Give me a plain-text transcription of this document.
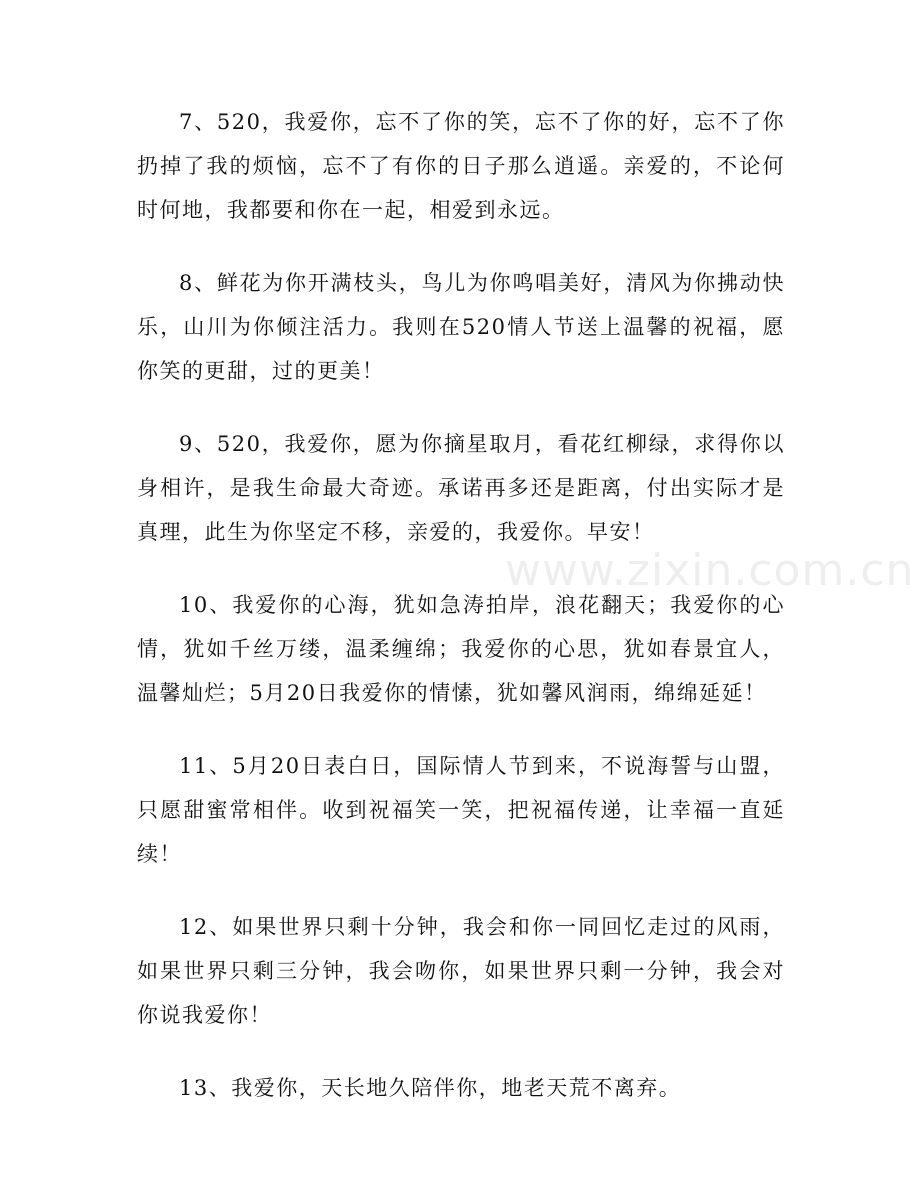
7、520，我爱你，忘不了你的笑，忘不了你的好，忘不了你扔掉了我的烦恼，忘不了有你的日子那么逍遥。亲爱的，不论何时何地，我都要和你在一起，相爱到永远。

8、鲜花为你开满枝头，鸟儿为你鸣唱美好，清风为你拂动快乐，山川为你倾注活力。我则在520情人节送上温馨的祝福，愿你笑的更甜，过的更美！

9、520，我爱你，愿为你摘星取月，看花红柳绿，求得你以身相许，是我生命最大奇迹。承诺再多还是距离，付出实际才是真理，此生为你坚定不移，亲爱的，我爱你。早安！

10、我爱你的心海，犹如急涛拍岸，浪花翻天；我爱你的心情，犹如千丝万缕，温柔缠绵；我爱你的心思，犹如春景宜人，温馨灿烂；5月20日我爱你的情愫，犹如馨风润雨，绵绵延延！

11、5月20日表白日，国际情人节到来，不说海誓与山盟，只愿甜蜜常相伴。收到祝福笑一笑，把祝福传递，让幸福一直延续！

12、如果世界只剩十分钟，我会和你一同回忆走过的风雨，如果世界只剩三分钟，我会吻你，如果世界只剩一分钟，我会对你说我爱你！

13、我爱你，天长地久陪伴你，地老天荒不离弃。

www.zixin.com.cn
